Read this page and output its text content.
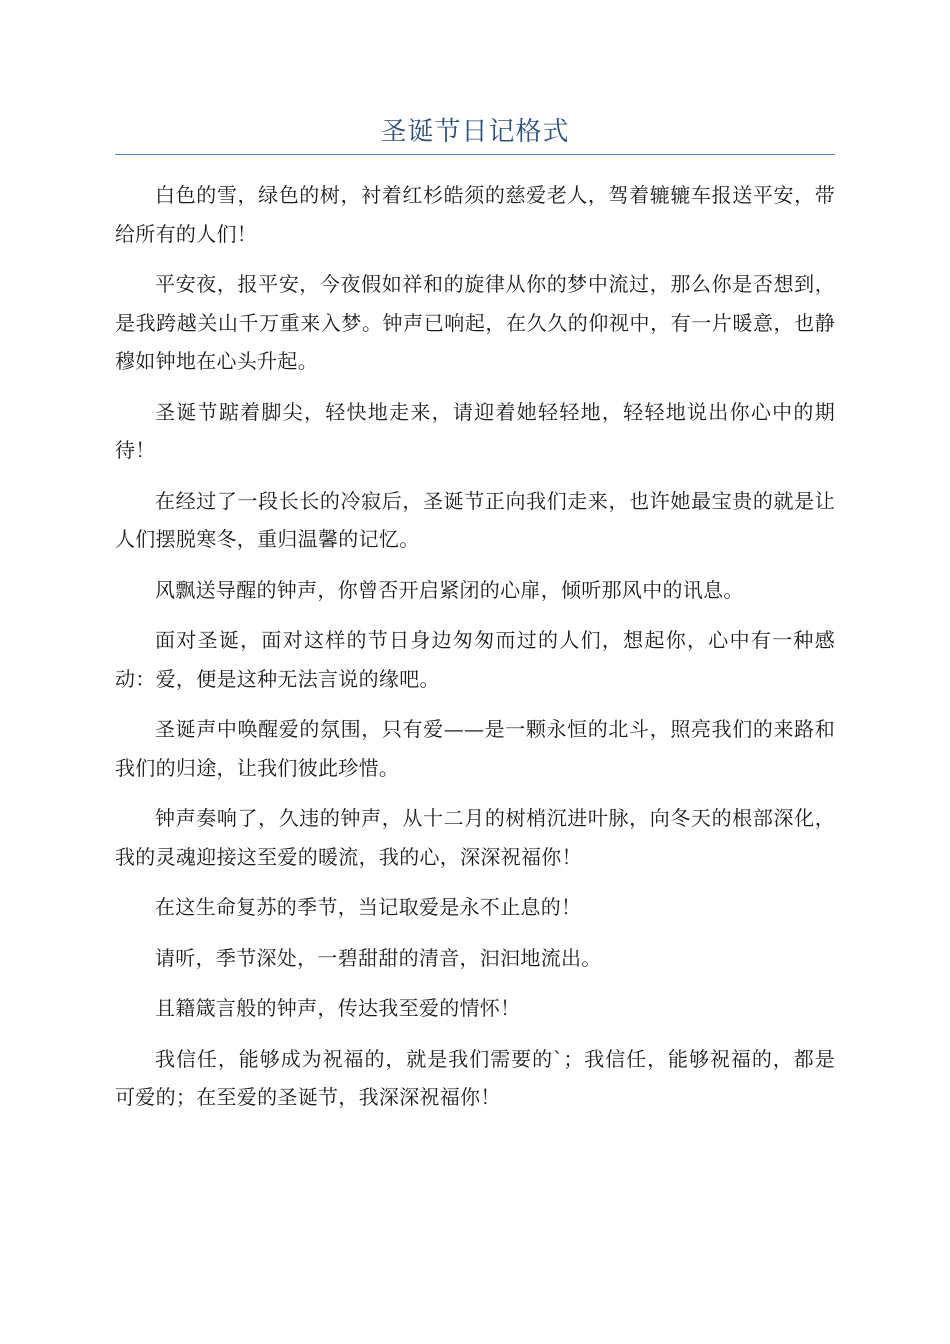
圣诞节日记格式

白色的雪，绿色的树，衬着红杉皓须的慈爱老人，驾着辘辘车报送平安，带给所有的人们！

平安夜，报平安，今夜假如祥和的旋律从你的梦中流过，那么你是否想到，是我跨越关山千万重来入梦。钟声已响起，在久久的仰视中，有一片暖意，也静穆如钟地在心头升起。

圣诞节踮着脚尖，轻快地走来，请迎着她轻轻地，轻轻地说出你心中的期待！

在经过了一段长长的冷寂后，圣诞节正向我们走来，也许她最宝贵的就是让人们摆脱寒冬，重归温馨的记忆。

风飘送导醒的钟声，你曾否开启紧闭的心扉，倾听那风中的讯息。

面对圣诞，面对这样的节日身边匆匆而过的人们，想起你，心中有一种感动：爱，便是这种无法言说的缘吧。

圣诞声中唤醒爱的氛围，只有爱——是一颗永恒的北斗，照亮我们的来路和我们的归途，让我们彼此珍惜。

钟声奏响了，久违的钟声，从十二月的树梢沉进叶脉，向冬天的根部深化，我的灵魂迎接这至爱的暖流，我的心，深深祝福你！

在这生命复苏的季节，当记取爱是永不止息的！

请听，季节深处，一碧甜甜的清音，汩汩地流出。

且籍箴言般的钟声，传达我至爱的情怀！

我信任，能够成为祝福的，就是我们需要的`；我信任，能够祝福的，都是可爱的；在至爱的圣诞节，我深深祝福你！
